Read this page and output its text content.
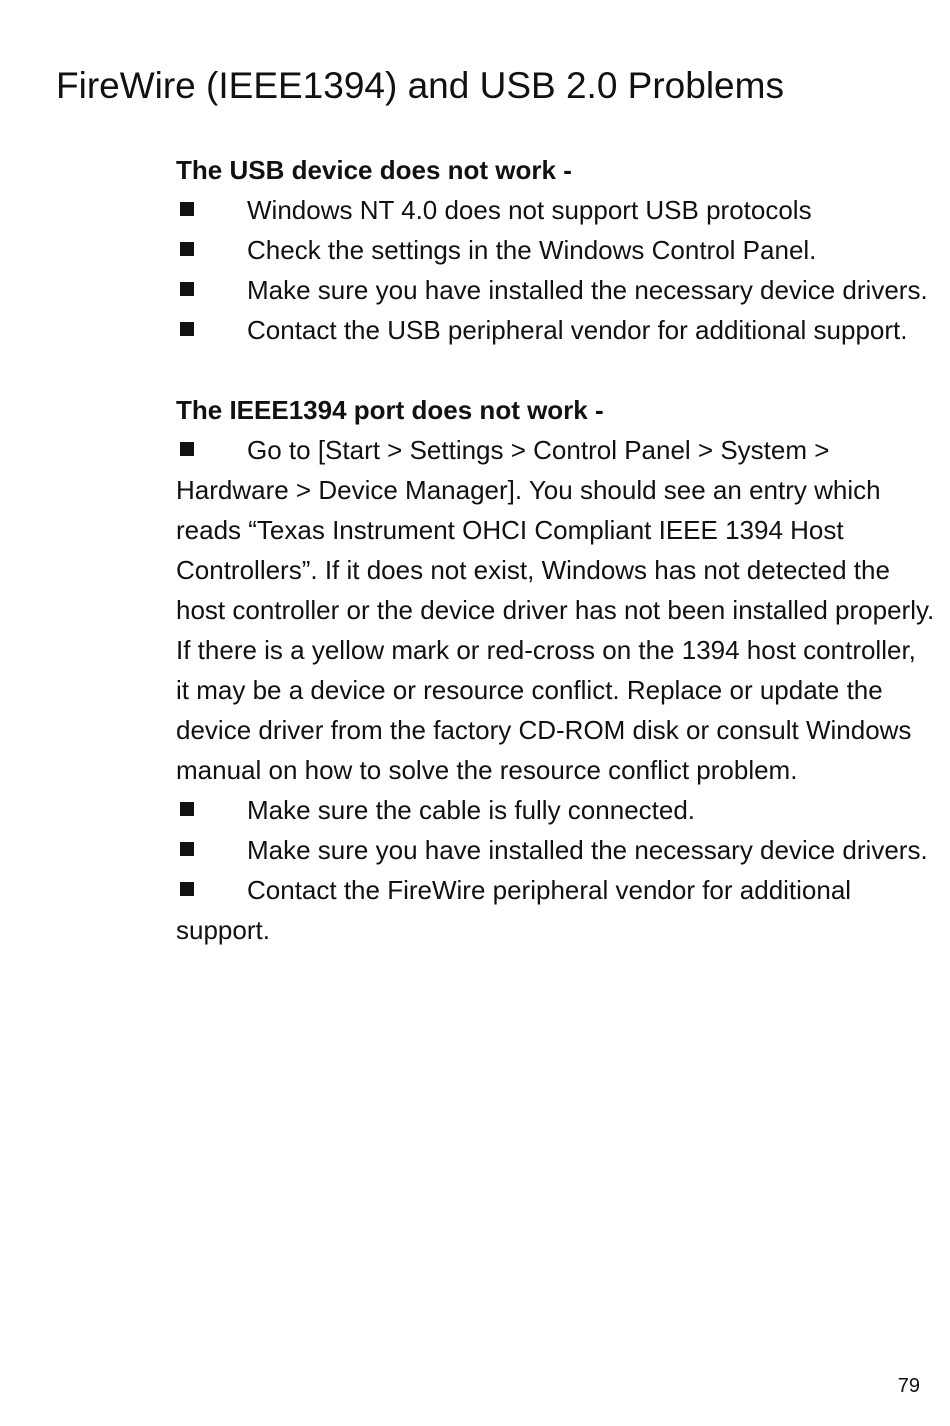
FireWire (IEEE1394) and USB 2.0 Problems
The USB device does not work -
Windows NT 4.0 does not support USB protocols
Check the settings in the Windows Control Panel.
Make sure you have installed the necessary device drivers.
Contact the USB peripheral vendor for additional support.
The IEEE1394 port does not work -
Go to [Start > Settings > Control Panel > System > Hardware > Device Manager]. You should see an entry which reads “Texas Instrument OHCI Compliant IEEE 1394 Host Controllers”. If it does not exist, Windows has not detected the host controller or the device driver has not been installed properly. If there is a yellow mark or red-cross on the 1394 host controller, it may be a device or resource conflict. Replace or update the device driver from the factory CD-ROM disk or consult Windows manual on how to solve the resource conflict problem.
Make sure the cable is fully connected.
Make sure you have installed the necessary device drivers.
Contact the FireWire peripheral vendor for additional support.
79
